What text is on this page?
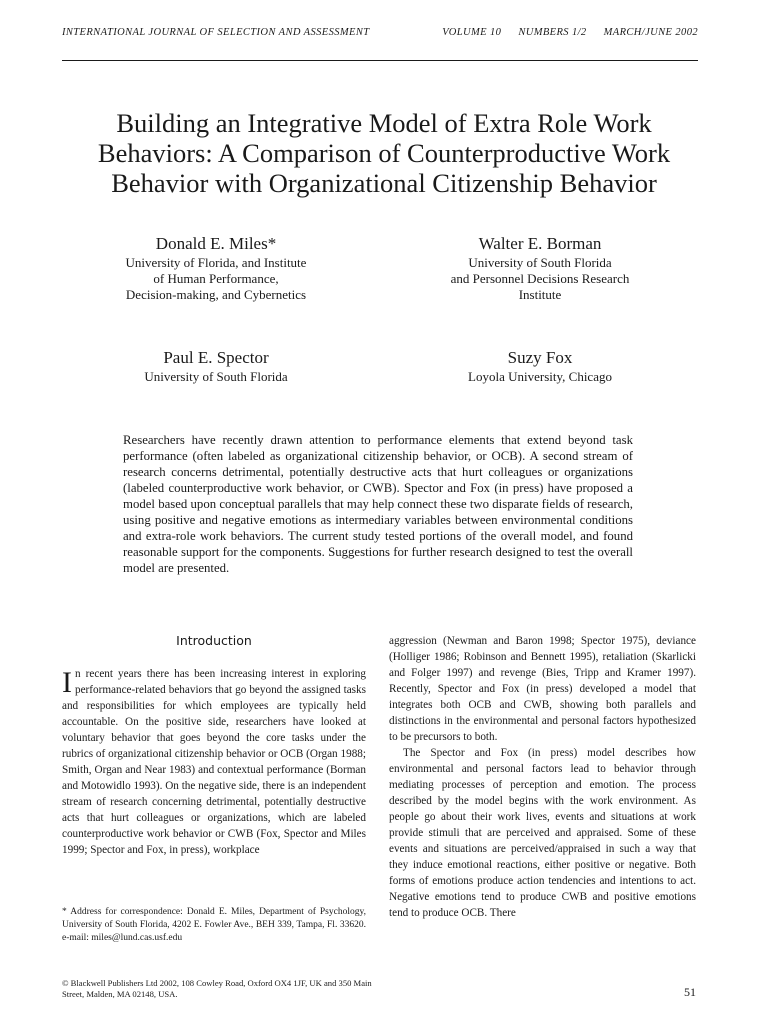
INTERNATIONAL JOURNAL OF SELECTION AND ASSESSMENT	VOLUME 10 NUMBERS 1/2 MARCH/JUNE 2002
Building an Integrative Model of Extra Role Work Behaviors: A Comparison of Counterproductive Work Behavior with Organizational Citizenship Behavior
Donald E. Miles*
University of Florida, and Institute
of Human Performance,
Decision-making, and Cybernetics
Walter E. Borman
University of South Florida
and Personnel Decisions Research
Institute
Paul E. Spector
University of South Florida
Suzy Fox
Loyola University, Chicago

Researchers have recently drawn attention to performance elements that extend beyond task performance (often labeled as organizational citizenship behavior, or OCB). A second stream of research concerns detrimental, potentially destructive acts that hurt colleagues or organizations (labeled counterproductive work behavior, or CWB). Spector and Fox (in press) have proposed a model based upon conceptual parallels that may help connect these two disparate fields of research, using positive and negative emotions as intermediary variables between environmental conditions and extra-role work behaviors. The current study tested portions of the overall model, and found reasonable support for the components. Suggestions for further research designed to test the overall model are presented.

Introduction

In recent years there has been increasing interest in exploring performance-related behaviors that go beyond the assigned tasks and responsibilities for which employees are typically held accountable. On the positive side, researchers have looked at voluntary behavior that goes beyond the core tasks under the rubrics of organizational citizenship behavior or OCB (Organ 1988; Smith, Organ and Near 1983) and contextual performance (Borman and Motowidlo 1993). On the negative side, there is an independent stream of research concerning detrimental, potentially destructive acts that hurt colleagues or organizations, which are labeled counterproductive work behavior or CWB (Fox, Spector and Miles 1999; Spector and Fox, in press), workplace

aggression (Newman and Baron 1998; Spector 1975), deviance (Holliger 1986; Robinson and Bennett 1995), retaliation (Skarlicki and Folger 1997) and revenge (Bies, Tripp and Kramer 1997). Recently, Spector and Fox (in press) developed a model that integrates both OCB and CWB, showing both parallels and distinctions in the environmental and personal factors hypothesized to be precursors to both.

The Spector and Fox (in press) model describes how environmental and personal factors lead to behavior through mediating processes of perception and emotion. The process described by the model begins with the work environment. As people go about their work lives, events and situations at work provide stimuli that are perceived and appraised. Some of these events and situations are perceived/appraised in such a way that they induce emotional reactions, either positive or negative. Both forms of emotions produce action tendencies and intentions to act. Negative emotions tend to produce CWB and positive emotions tend to produce OCB. There

* Address for correspondence: Donald E. Miles, Department of Psychology, University of South Florida, 4202 E. Fowler Ave., BEH 339, Tampa, Fl. 33620. e-mail: miles@lund.cas.usf.edu

© Blackwell Publishers Ltd 2002, 108 Cowley Road, Oxford OX4 1JF, UK and 350 Main Street, Malden, MA 02148, USA.	51
